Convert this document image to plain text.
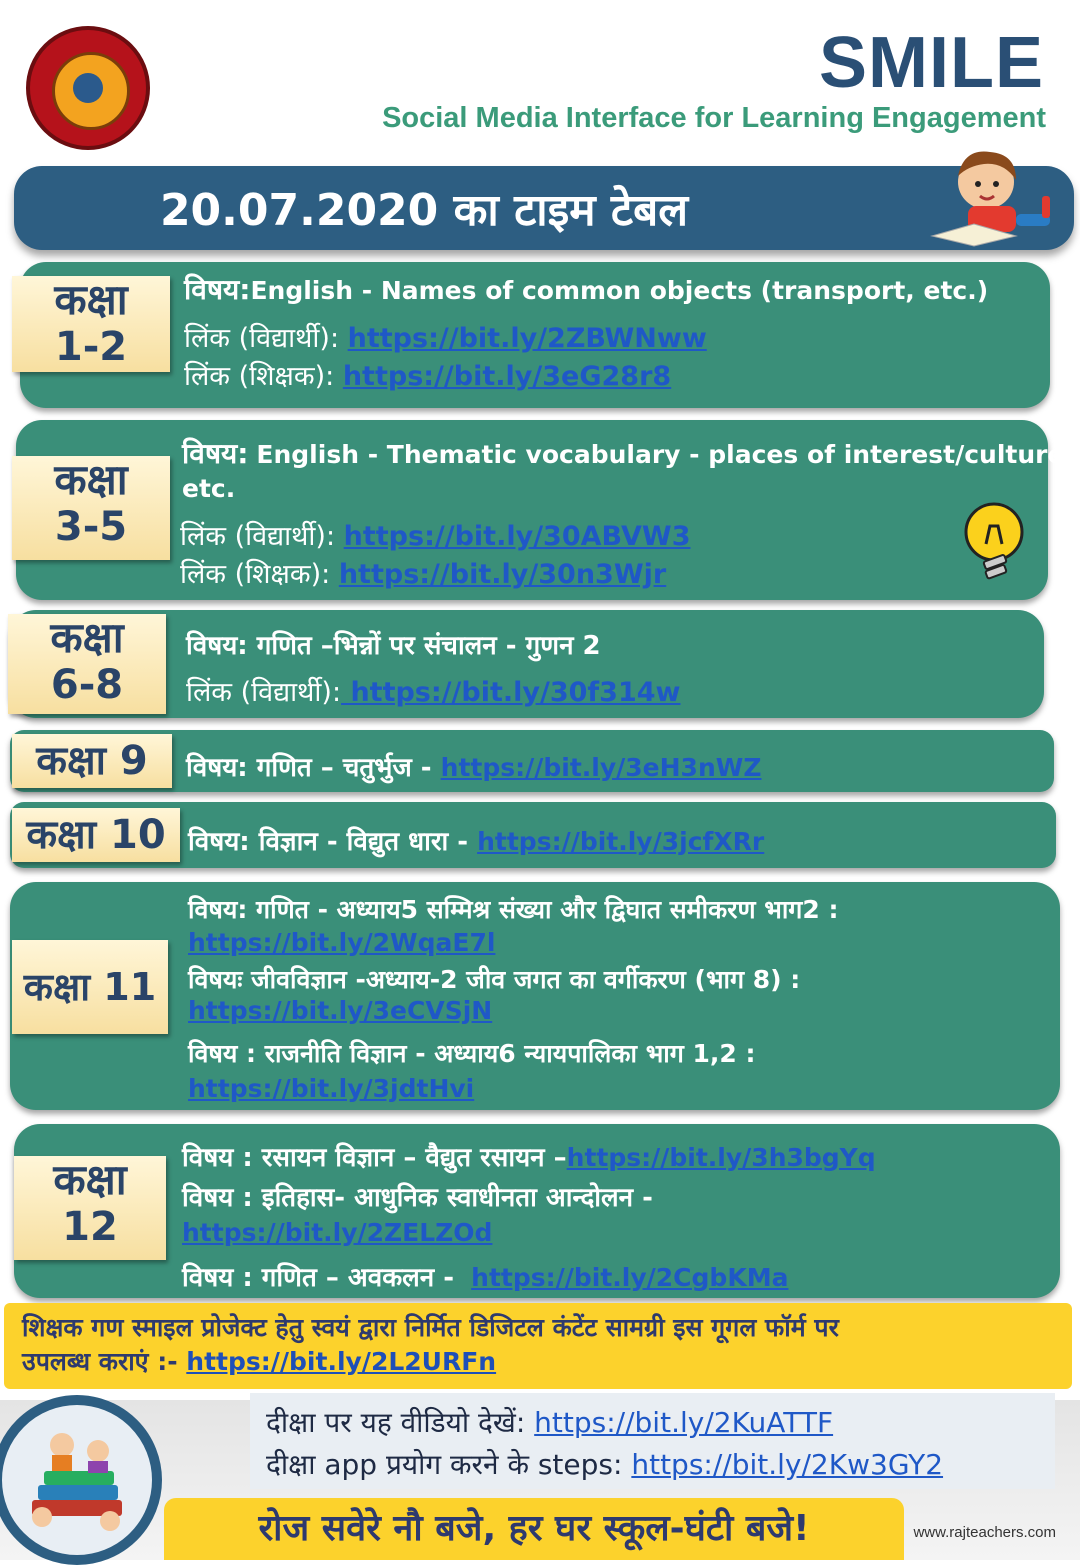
SMILE
Social Media Interface for Learning Engagement
20.07.2020 का टाइम टेबल
कक्षा
1-2
विषय:English - Names of common objects (transport, etc.)
लिंक (विद्यार्थी): https://bit.ly/2ZBWNww
लिंक (शिक्षक): https://bit.ly/3eG28r8
कक्षा
3-5
विषय: English - Thematic vocabulary - places of interest/culture,
etc.
लिंक (विद्यार्थी): https://bit.ly/30ABVW3
लिंक (शिक्षक): https://bit.ly/30n3Wjr
कक्षा
6-8
विषय: गणित –भिन्नों पर संचालन - गुणन 2
लिंक (विद्यार्थी): https://bit.ly/30f314w
कक्षा 9	विषय: गणित – चतुर्भुज - https://bit.ly/3eH3nWZ
कक्षा 10 विषय: विज्ञान - विद्युत धारा - https://bit.ly/3jcfXRr
कक्षा 11
विषय: गणित - अध्याय5 सम्मिश्र संख्या और द्विघात समीकरण भाग2 :
https://bit.ly/2WqaE7l
विषयः जीवविज्ञान -अध्याय-2 जीव जगत का वर्गीकरण (भाग 8) :
https://bit.ly/3eCVSjN
विषय : राजनीति विज्ञान - अध्याय6 न्यायपालिका भाग 1,2 :
https://bit.ly/3jdtHvi
कक्षा
12
विषय : रसायन विज्ञान – वैद्युत रसायन –https://bit.ly/3h3bgYq
विषय : इतिहास- आधुनिक स्वाधीनता आन्दोलन -
https://bit.ly/2ZELZOd
विषय : गणित – अवकलन - https://bit.ly/2CgbKMa
शिक्षक गण स्माइल प्रोजेक्ट हेतु स्वयं द्वारा निर्मित डिजिटल कंटेंट सामग्री इस गूगल फॉर्म पर
उपलब्ध कराएं :- https://bit.ly/2L2URFn
दीक्षा पर यह वीडियो देखें: https://bit.ly/2KuATTF
दीक्षा app प्रयोग करने के steps: https://bit.ly/2Kw3GY2
रोज सवेरे नौ बजे, हर घर स्कूल-घंटी बजे!	www.rajteachers.com
